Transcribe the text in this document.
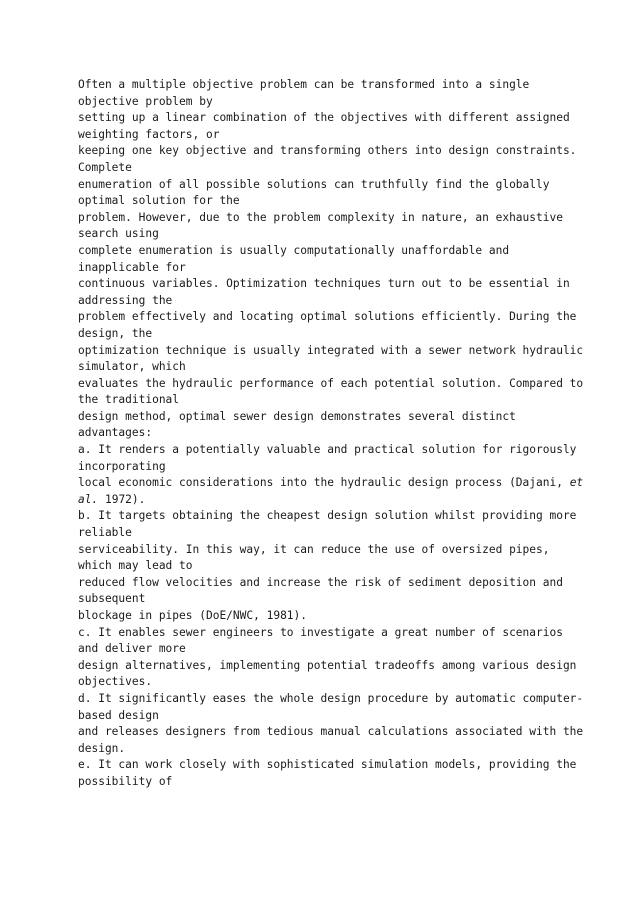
Often a multiple objective problem can be transformed into a single
objective problem by
setting up a linear combination of the objectives with different assigned
weighting factors, or
keeping one key objective and transforming others into design constraints.
Complete
enumeration of all possible solutions can truthfully find the globally
optimal solution for the
problem. However, due to the problem complexity in nature, an exhaustive
search using
complete enumeration is usually computationally unaffordable and
inapplicable for
continuous variables. Optimization techniques turn out to be essential in
addressing the
problem effectively and locating optimal solutions efficiently. During the
design, the
optimization technique is usually integrated with a sewer network hydraulic
simulator, which
evaluates the hydraulic performance of each potential solution. Compared to
the traditional
design method, optimal sewer design demonstrates several distinct
advantages:
a. It renders a potentially valuable and practical solution for rigorously
incorporating
local economic considerations into the hydraulic design process (Dajani, et
al. 1972).
b. It targets obtaining the cheapest design solution whilst providing more
reliable
serviceability. In this way, it can reduce the use of oversized pipes,
which may lead to
reduced flow velocities and increase the risk of sediment deposition and
subsequent
blockage in pipes (DoE/NWC, 1981).
c. It enables sewer engineers to investigate a great number of scenarios
and deliver more
design alternatives, implementing potential tradeoffs among various design
objectives.
d. It significantly eases the whole design procedure by automatic computer-
based design
and releases designers from tedious manual calculations associated with the
design.
e. It can work closely with sophisticated simulation models, providing the
possibility of
